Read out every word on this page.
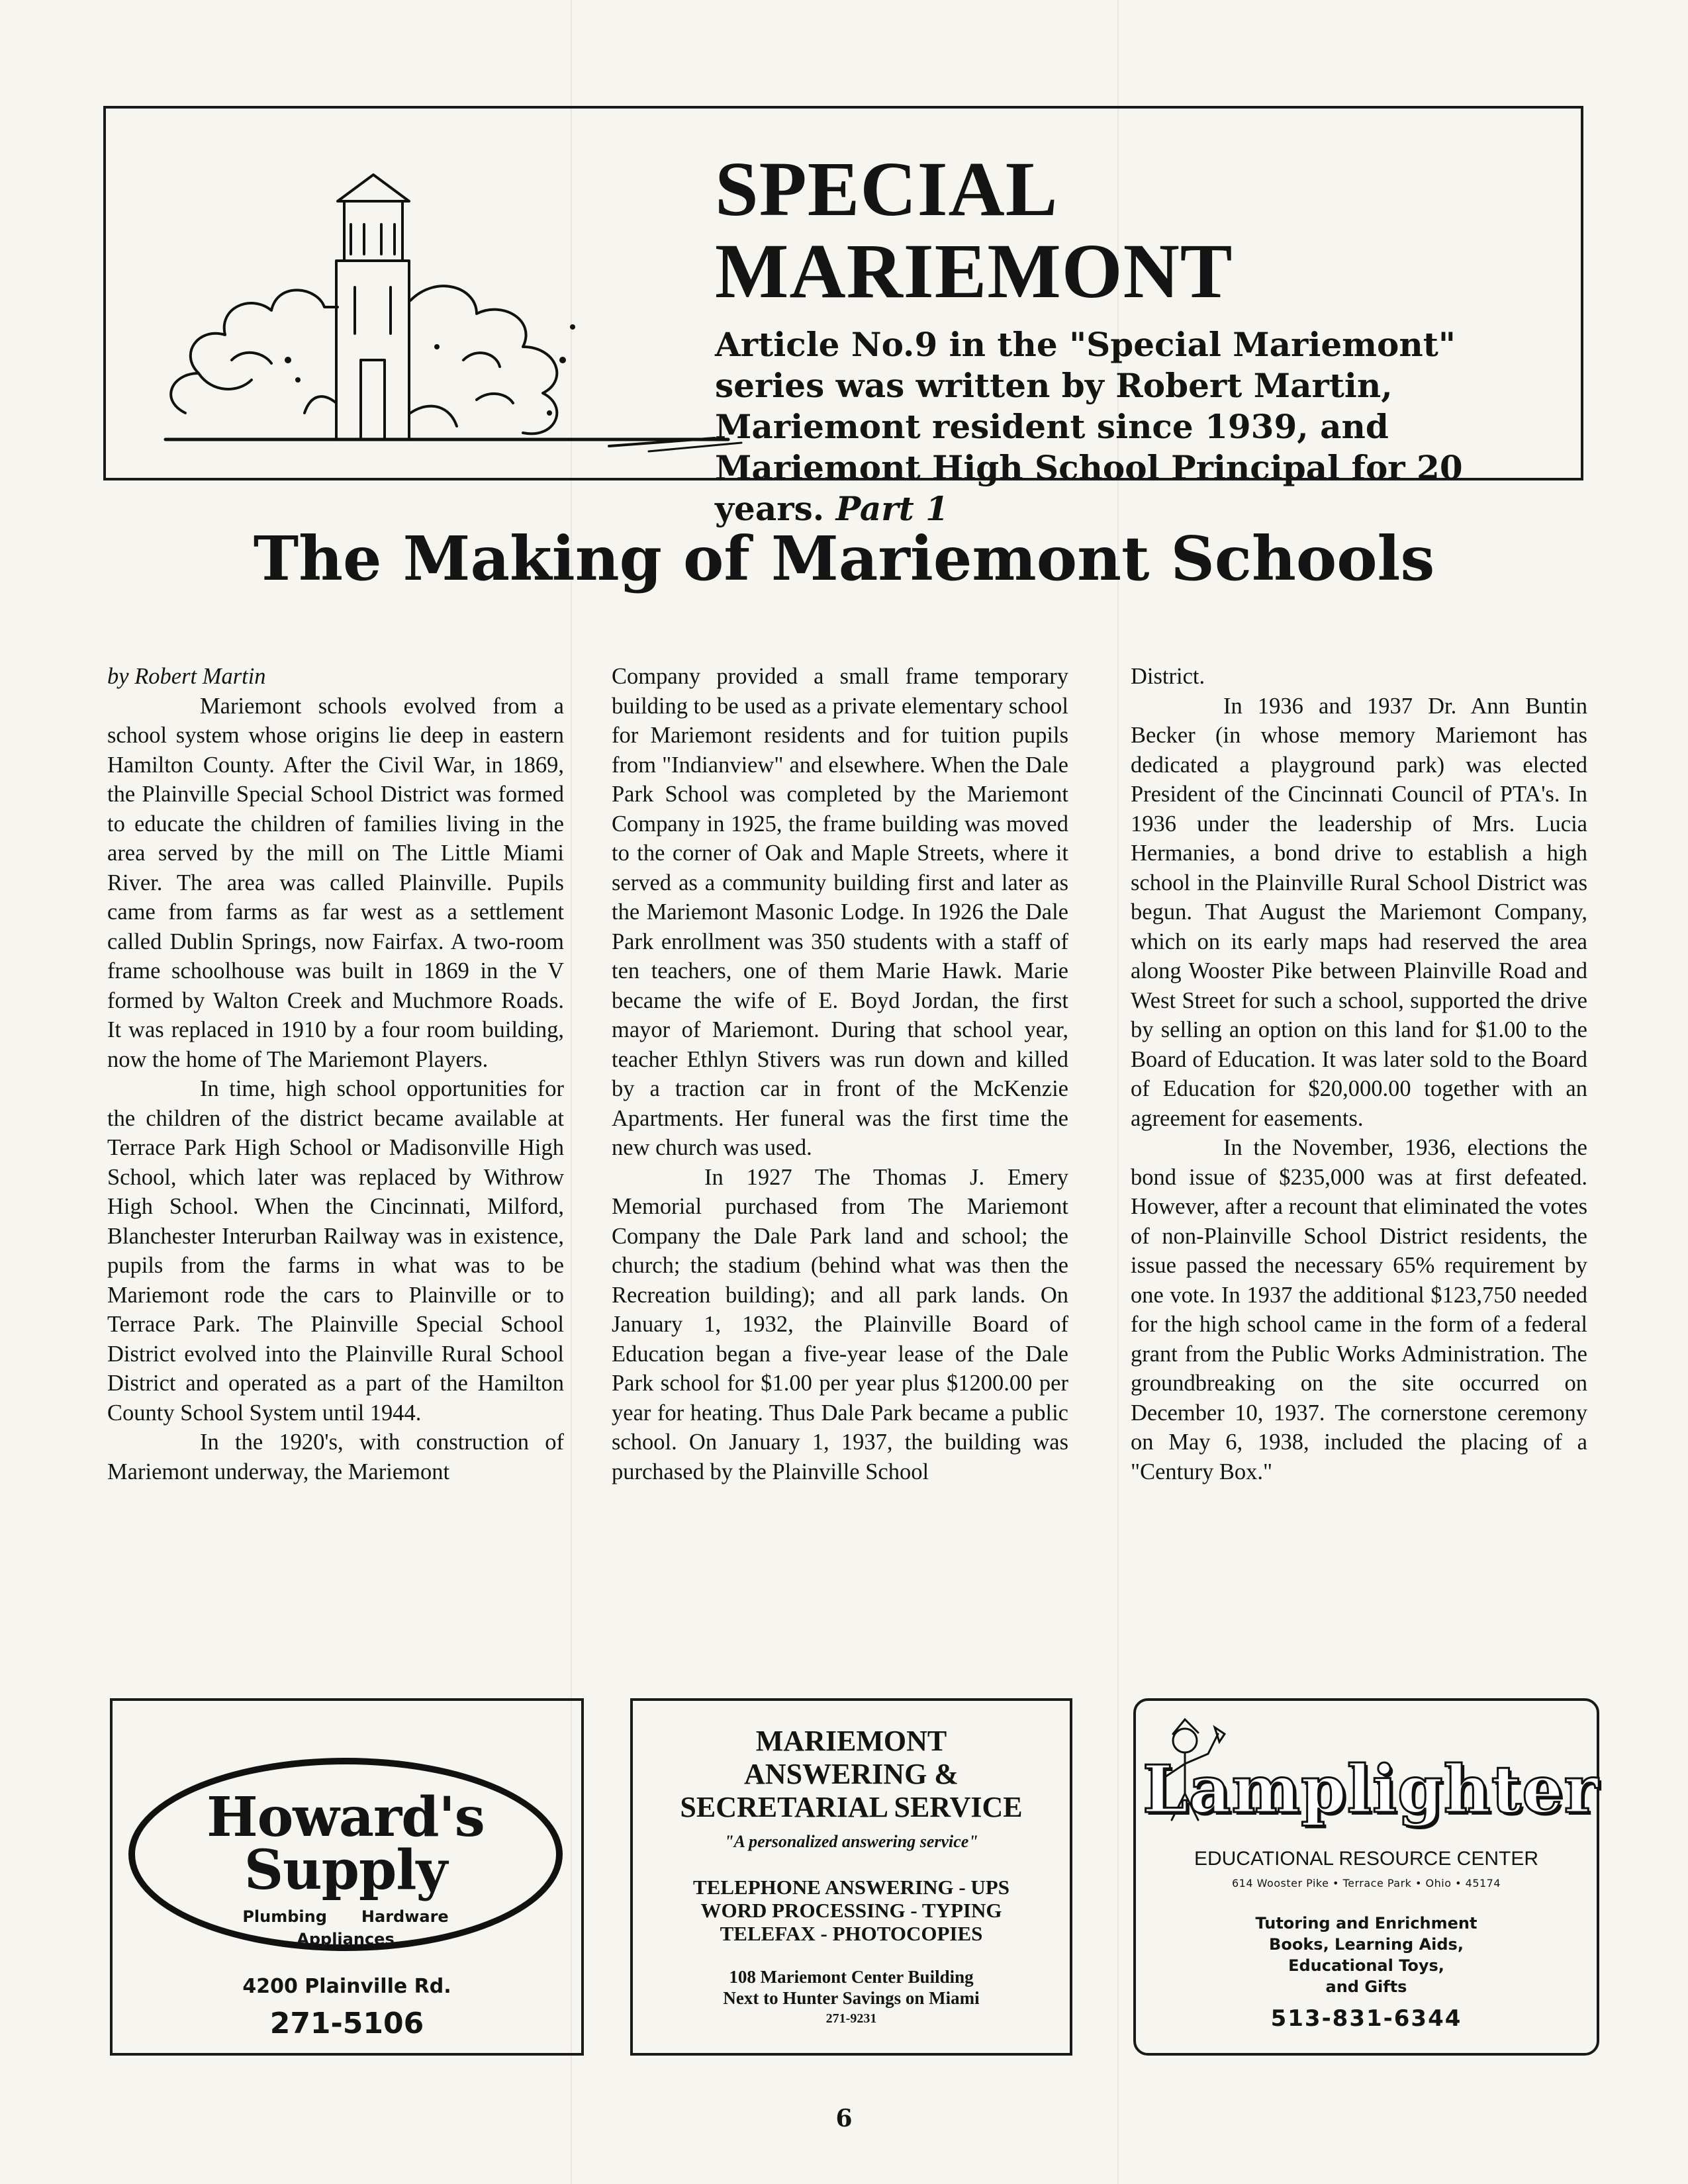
SPECIAL MARIEMONT

Article No.9 in the "Special Mariemont" series was written by Robert Martin, Mariemont resident since 1939, and Mariemont High School Principal for 20 years. Part 1

The Making of Mariemont Schools

by Robert Martin

Mariemont schools evolved from a school system whose origins lie deep in eastern Hamilton County. After the Civil War, in 1869, the Plainville Special School District was formed to educate the children of families living in the area served by the mill on The Little Miami River. The area was called Plainville. Pupils came from farms as far west as a settlement called Dublin Springs, now Fairfax. A two-room frame schoolhouse was built in 1869 in the V formed by Walton Creek and Muchmore Roads. It was replaced in 1910 by a four room building, now the home of The Mariemont Players.

In time, high school opportunities for the children of the district became available at Terrace Park High School or Madisonville High School, which later was replaced by Withrow High School. When the Cincinnati, Milford, Blanchester Interurban Railway was in existence, pupils from the farms in what was to be Mariemont rode the cars to Plainville or to Terrace Park. The Plainville Special School District evolved into the Plainville Rural School District and operated as a part of the Hamilton County School System until 1944.

In the 1920's, with construction of Mariemont underway, the Mariemont

Company provided a small frame temporary building to be used as a private elementary school for Mariemont residents and for tuition pupils from "Indianview" and elsewhere. When the Dale Park School was completed by the Mariemont Company in 1925, the frame building was moved to the corner of Oak and Maple Streets, where it served as a community building first and later as the Mariemont Masonic Lodge. In 1926 the Dale Park enrollment was 350 students with a staff of ten teachers, one of them Marie Hawk. Marie became the wife of E. Boyd Jordan, the first mayor of Mariemont. During that school year, teacher Ethlyn Stivers was run down and killed by a traction car in front of the McKenzie Apartments. Her funeral was the first time the new church was used.

In 1927 The Thomas J. Emery Memorial purchased from The Mariemont Company the Dale Park land and school; the church; the stadium (behind what was then the Recreation building); and all park lands. On January 1, 1932, the Plainville Board of Education began a five-year lease of the Dale Park school for $1.00 per year plus $1200.00 per year for heating. Thus Dale Park became a public school. On January 1, 1937, the building was purchased by the Plainville School

District.

In 1936 and 1937 Dr. Ann Buntin Becker (in whose memory Mariemont has dedicated a playground park) was elected President of the Cincinnati Council of PTA's. In 1936 under the leadership of Mrs. Lucia Hermanies, a bond drive to establish a high school in the Plainville Rural School District was begun. That August the Mariemont Company, which on its early maps had reserved the area along Wooster Pike between Plainville Road and West Street for such a school, supported the drive by selling an option on this land for $1.00 to the Board of Education. It was later sold to the Board of Education for $20,000.00 together with an agreement for easements.

In the November, 1936, elections the bond issue of $235,000 was at first defeated. However, after a recount that eliminated the votes of non-Plainville School District residents, the issue passed the necessary 65% requirement by one vote. In 1937 the additional $123,750 needed for the high school came in the form of a federal grant from the Public Works Administration. The groundbreaking on the site occurred on December 10, 1937. The cornerstone ceremony on May 6, 1938, included the placing of a "Century Box."

Howard's
Supply
Plumbing Hardware
Appliances
4200 Plainville Rd.
271-5106
MARIEMONT
ANSWERING &
SECRETARIAL SERVICE
"A personalized answering service"
TELEPHONE ANSWERING - UPS
WORD PROCESSING - TYPING
TELEFAX - PHOTOCOPIES
108 Mariemont Center Building
Next to Hunter Savings on Miami
271-9231
Lamplighter
EDUCATIONAL RESOURCE CENTER
614 Wooster Pike • Terrace Park • Ohio • 45174
Tutoring and Enrichment
Books, Learning Aids,
Educational Toys,
and Gifts
513-831-6344
6
